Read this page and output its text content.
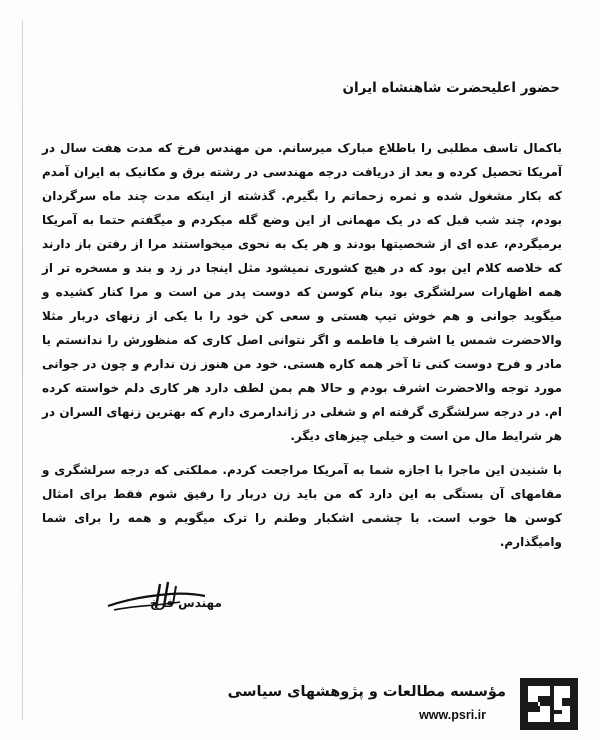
حضور اعلیحضرت شاهنشاه ایران

باکمال تاسف مطلبی را باطلاع مبارک میرسانم. من مهندس فرخ که مدت هفت سال در آمریکا تحصیل کرده و بعد از دریافت درجه مهندسی در رشته برق و مکانیک به ایران آمدم که بکار مشغول شده و ثمره زحماتم را بگیرم. گذشته از اینکه مدت چند ماه سرگردان بودم، چند شب قبل که در یک مهمانی از این وضع گله میکردم و میگفتم حتما به آمریکا برمیگردم، عده ای از شخصیتها بودند و هر یک به نحوی میخواستند مرا از رفتن باز دارند که خلاصه کلام این بود که در هیچ کشوری نمیشود مثل اینجا در زد و بند و مسخره تر از همه اظهارات سرلشگری بود بنام کوسن که دوست پدر من است و مرا کنار کشیده و میگوید جوانی و هم خوش تیپ هستی و سعی کن خود را با یکی از زنهای دربار مثلا والاحضرت شمس یا اشرف یا فاطمه و اگر نتوانی اصل کاری که منظورش را ندانستم یا مادر و فرح دوست کنی تا آخر همه کاره هستی. خود من هنوز زن ندارم و چون در جوانی مورد توجه والاحضرت اشرف بودم و حالا هم بمن لطف دارد هر کاری دلم خواسته کرده ام. در درجه سرلشگری گرفته ام و شغلی در ژاندارمری دارم که بهترین زنهای السران در هر شرایط مال من است و خیلی چیزهای دیگر.

با شنیدن این ماجرا با اجازه شما به آمریکا مراجعت کردم. مملکتی که درجه سرلشگری و مقامهای آن بستگی به این دارد که من باید زن دربار را رفیق شوم فقط برای امثال کوسن ها خوب است. با چشمی اشکبار وطنم را ترک میگویم و همه را برای شما وامیگذارم.

مهندس فرخ
مؤسسه مطالعات و پژوهشهای سیاسی
www.psri.ir
